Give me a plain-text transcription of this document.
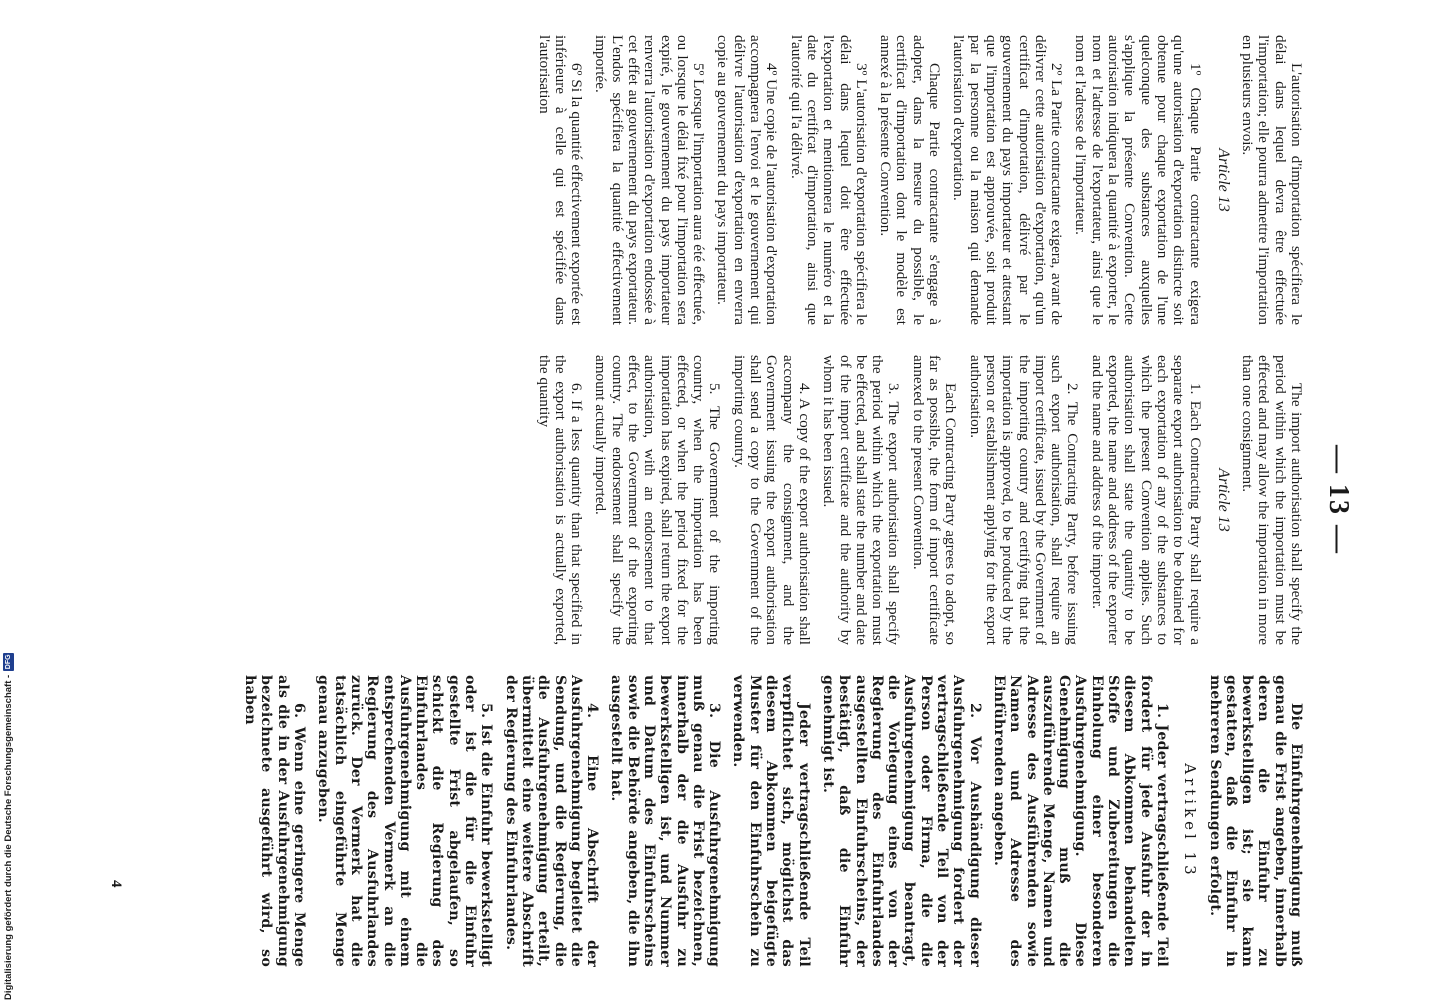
— 13 —

L'autorisation d'importation spécifiera le délai dans lequel devra être effectuée l'importation; elle pourra admettre l'importation en plusieurs envois.

Article 13

1º Chaque Partie contractante exigera qu'une autorisation d'exportation distincte soit obtenue pour chaque exportation de l'une quelconque des substances auxquelles s'applique la présente Convention. Cette autorisation indiquera la quantité à exporter, le nom et l'adresse de l'exportateur, ainsi que le nom et l'adresse de l'importateur.

2º La Partie contractante exigera, avant de délivrer cette autorisation d'exportation, qu'un certificat d'importation, délivré par le gouvernement du pays importateur et attestant que l'importation est approuvée, soit produit par la personne ou la maison qui demande l'autorisation d'exportation.

Chaque Partie contractante s'engage à adopter, dans la mesure du possible, le certificat d'importation dont le modèle est annexé à la présente Convention.

3º L'autorisation d'exportation spécifiera le délai dans lequel doit être effectuée l'exportation et mentionnera le numéro et la date du certificat d'importation, ainsi que l'autorité qui l'a délivré.

4º Une copie de l'autorisation d'exportation accompagnera l'envoi et le gouvernement qui délivre l'autorisation d'exportation en enverra copie au gouvernement du pays importateur.

5º Lorsque l'importation aura été effectuée, ou lorsque le délai fixé pour l'importation sera expiré, le gouvernement du pays importateur renverra l'autorisation d'exportation endossée à cet effet au gouvernement du pays exportateur. L'endos spécifiera la quantité effectivement importée.

6º Si la quantité effectivement exportée est inférieure à celle qui est spécifiée dans l'autorisation

The import authorisation shall specify the period within which the importation must be effected and may allow the importation in more than one consignment.

Article 13

1. Each Contracting Party shall require a separate export authorisation to be obtained for each exportation of any of the substances to which the present Convention applies. Such authorisation shall state the quantity to be exported, the name and address of the exporter and the name and address of the importer.

2. The Contracting Party, before issuing such export authorisation, shall require an import certificate, issued by the Government of the importing country and certifying that the importation is approved, to be produced by the person or establishment applying for the export authorisation.

Each Contracting Party agrees to adopt, so far as possible, the form of import certificate annexed to the present Convention.

3. The export authorisation shall specify the period within which the exportation must be effected, and shall state the number and date of the import certificate and the authority by whom it has been issued.

4. A copy of the export authorisation shall accompany the consignment, and the Government issuing the export authorisation shall send a copy to the Government of the importing country.

5. The Government of the importing country, when the importation has been effected, or when the period fixed for the importation has expired, shall return the export authorisation, with an endorsement to that effect, to the Government of the exporting country. The endorsement shall specify the amount actually imported.

6. If a less quantity than that specified in the export authorisation is actually exported, the quantity

Die Einfuhrgenehmigung muß genau die Frist angeben, innerhalb deren die Einfuhr zu bewerkstelligen ist; sie kann gestatten, daß die Einfuhr in mehreren Sendungen erfolgt.

Artikel 13

1. Jeder vertragschließende Teil fordert für jede Ausfuhr der in diesem Abkommen behandelten Stoffe und Zubereitungen die Einholung einer besonderen Ausfuhrgenehmigung. Diese Genehmigung muß die auszuführende Menge, Namen und Adresse des Ausführenden sowie Namen und Adresse des Einführenden angeben.

2. Vor Aushändigung dieser Ausfuhrgenehmigung fordert der vertragschließende Teil von der Person oder Firma, die die Ausfuhrgenehmigung beantragt, die Vorlegung eines von der Regierung des Einfuhrlandes ausgestellten Einfuhrscheins, der bestätigt, daß die Einfuhr genehmigt ist.

Jeder vertragschließende Teil verpflichtet sich, möglichst das diesem Abkommen beigefügte Muster für den Einfuhrschein zu verwenden.

3. Die Ausfuhrgenehmigung muß genau die Frist bezeichnen, innerhalb der die Ausfuhr zu bewerkstelligen ist, und Nummer und Datum des Einfuhrscheins sowie die Behörde angeben, die ihn ausgestellt hat.

4. Eine Abschrift der Ausfuhrgenehmigung begleitet die Sendung, und die Regierung, die die Ausfuhrgenehmigung erteilt, übermittelt eine weitere Abschrift der Regierung des Einfuhrlandes.

5. Ist die Einfuhr bewerkstelligt oder ist die für die Einfuhr gestellte Frist abgelaufen, so schickt die Regierung des Einfuhrlandes die Ausfuhrgenehmigung mit einem entsprechenden Vermerk an die Regierung des Ausfuhrlandes zurück. Der Vermerk hat die tatsächlich eingeführte Menge genau anzugeben.

6. Wenn eine geringere Menge als die in der Ausfuhrgenehmigung bezeichnete ausgeführt wird, so haben

4
Digitalisierung gefördert durch die Deutsche Forschungsgemeinschaft -
DFG
